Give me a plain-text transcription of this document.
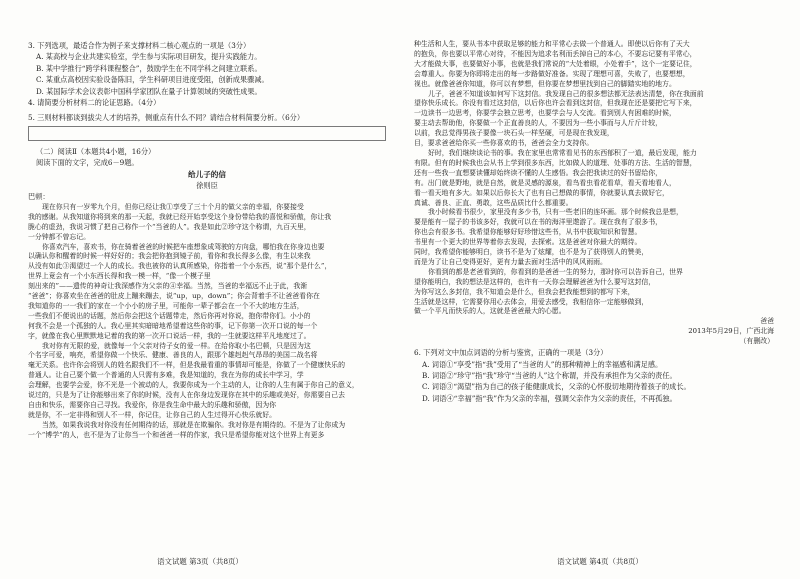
3. 下列选项，最适合作为例子来支撑材料二核心观点的一项是（3分）

A. 某高校与企业共建实验室，学生参与实际项目研发，提升实践能力。

B. 某中学推行“跨学科课程整合”，鼓励学生在不同学科之间建立联系。

C. 某重点高校因实验设备陈旧，学生科研项目进度受阻，创新成果骤减。

D. 某国际学术会议表彰中国科学家团队在量子计算领域的突破性成果。

4. 请简要分析材料二的论证思路。（4分）

5. 三则材料都谈到拔尖人才的培养，侧重点有什么不同？请结合材料简要分析。（6分）

（二）阅读Ⅱ（本题共4小题，16分）

阅读下面的文字，完成6－9题。

给儿子的信

徐则臣

巴顿：

现在你只有一岁零九个月，但你已经让我①享受了三十个月的做父亲的幸福，你要接受

我的感谢。从我知道你将到来的那一天起，我就已经开始享受这个身份带给我的喜悦和骄傲，你让我

脆心的虚劲，我说习惯了把自己称作一个“当爸的人”。我是如此②珍守这个称谓，九百天里，

一分钟都不曾忘记。

你喜欢汽车，喜欢书，你在骑着爸爸的时候把车座想象成驾驶的方向盘，哪怕我在你身边也要

以确认你和醒着的时候一样好好的；我会把你抱到镜子前，看你和我长得多么像，有生以来我

从没有如此③渴望过一个人的成长。我也被你的认真所感染，你指着一个小东西，说“那个是什么”，

世界上竟会有一个小东西长得和我一模一样，“像一个模子里

刻出来的”——遗传的神奇让我深感作为父亲的④幸福。当然，当爸的幸福远不止于此，我渐

“爸爸”；你喜欢坐在爸爸的肚皮上蹦来蹦去，说“up，up，down”；你会背着手不让爸爸看你在

我知道你的一一我们的家在一个小小的房子里，可能你一辈子都会在一个不大的地方生活，

一些我们不便说出的话题，然后你会把这个话题带走，然后你再对你说，抱你带你们。小小的

何我不会是一个孤独的人。我心里其实暗暗地希望着这些你的事，记下你第一次开口说的每一个

字，就像在我心里默默地记着的我的第一次开口说话一样，我的一生就要这样平凡地度过了。

我对你有无限的爱，就像每一个父亲对待子女的爱一样。在给你取小名巴顿，只是因为这

个名字可爱，响亮，希望你做一个快乐、健康、善良的人，跟那个雄赳赳气昂昂的美国二战名将

毫无关系。也许你会将别人的姓名跟我们不一样，但是我最看重的事情却可能是，你做了一个健康快乐的

普通人。让自己要个做一个普通的人只需有多难，我是知道的，我在为你的成长中学习，学

会理解，也要学会爱，你不光是一个被动的人，我要你成为一个主动的人，让你的人生有属于你自己的意义，

说过的，只是为了让你能够出来了你的时候，没有人在你身边发现你在其中的乐趣或美好，你需要自己去

自由和快乐，需要你自己寻找。我爱你，你是我生命中最大的乐趣和骄傲，因为你

就是你，不一定非得和别人不一样，你记住，让你自己的人生过得开心快乐就好。

当然，如果我说我对你没有任何期待的话，那就是在欺骗你。我对你是有期待的。不是为了让你成为

一个“博学”的人，也不是为了让你当一个和爸爸一样的作家，我只是希望你能对这个世界上有更多

语文试题 第3页（共8页）

种生活和人生，要从书本中获取足够的能力和平常心去做一个普通人。即使以后你有了天大

的抱负，你也要以平常心对待，不能因为追求名利而丢掉自己的本心，不要忘记要有平常心，

大才能做大事，也要做好小事，也就是我们常说的“大处着眼，小处着手”，这个一定要记住，

会尊重人。你要为你即将走出的每一步路做好准备。实现了理想可喜，失败了，也要想想，

视也。就像爸爸你知道，你可以有梦想，但你要在梦想里找到自己的脚踏实地的地方。

儿子，爸爸不知道该如何写下这封信。我发现自己的很多想法都无法表达清楚，你在我面前

望你快乐成长。你没有看过这封信，以后你也许会看到这封信，但我现在还是要把它写下来，

一边读书一边思考，你要学会独立思考，也要学会与人交流。看到别人有困难的时候，

要主动去帮助他，你要做一个正直善良的人，不要因为一些小事而与人斤斤计较，

以前，我总觉得男孩子要像一块石头一样坚硬，可是现在我发现，

目，要求爸爸给你买一些你喜欢的书，爸爸会全力支持你。

好时，我们继续谈论书的事。我在家里也常常看见书的东西郁积了一道，最后发现，能力

有限。但有的时候我也会从书上学到很多东西，比如做人的道理、处事的方法、生活的智慧，

还有一些我一直想要读懂却始终读不懂的人生感悟。我会把我读过的好书留给你，

有。出门就是野地，就是自然，就是灵感的源泉，看鸟看虫看花看草，看天看地看人，

看一看天地有多大。如果以后你长大了也有自己想做的事情，你就要认真去做好它，

真诚、善良、正直、勇敢，这些品质比什么都重要。

我小时候看书很少，家里没有多少书，只有一些老旧的连环画。那个时候我总是想，

要是能有一屋子的书该多好，我就可以在书的海洋里遨游了。现在我有了很多书，

你也会有很多书。我希望你能够好好珍惜这些书，从书中获取知识和智慧。

书里有一个更大的世界等着你去发现，去探索。这是爸爸对你最大的期待。

同时，我希望你能够明白，读书不是为了炫耀，也不是为了获得别人的赞美，

而是为了让自己变得更好，更有力量去面对生活中的风风雨雨。

你看到的都是老爸看到的，你看到的是爸爸一生的努力，那时你可以告诉自己，世界

望你能明白，我的想法是这样的，也许有一天你会理解爸爸为什么要写这封信，

为你写这么多封信，我不知道会是什么，但我会把我能想到的都写下来，

生活就是这样，它需要你用心去体会，用爱去感受，我相信你一定能够做到，

做一个平凡而快乐的人，这就是爸爸最大的心愿。

爸爸

2013年5月29日，广西北海

（有删改）

6. 下列对文中加点词语的分析与鉴赏，正确的一项是（3分）

A. 词语①“享受”指“我”受用了“当爸的人”的那种精神上的幸福感和满足感。

B. 词语②“珍守”指“我”珍守“当爸的人”这个称谓，并没有承担作为父亲的责任。

C. 词语③“渴望”指为自己的孩子能健康成长，父亲的心怀殷切地期待着孩子的成长。

D. 词语④“幸福”指“我”作为父亲的幸福，强调父亲作为父亲的责任，不再孤独。

语文试题 第4页（共8页）
